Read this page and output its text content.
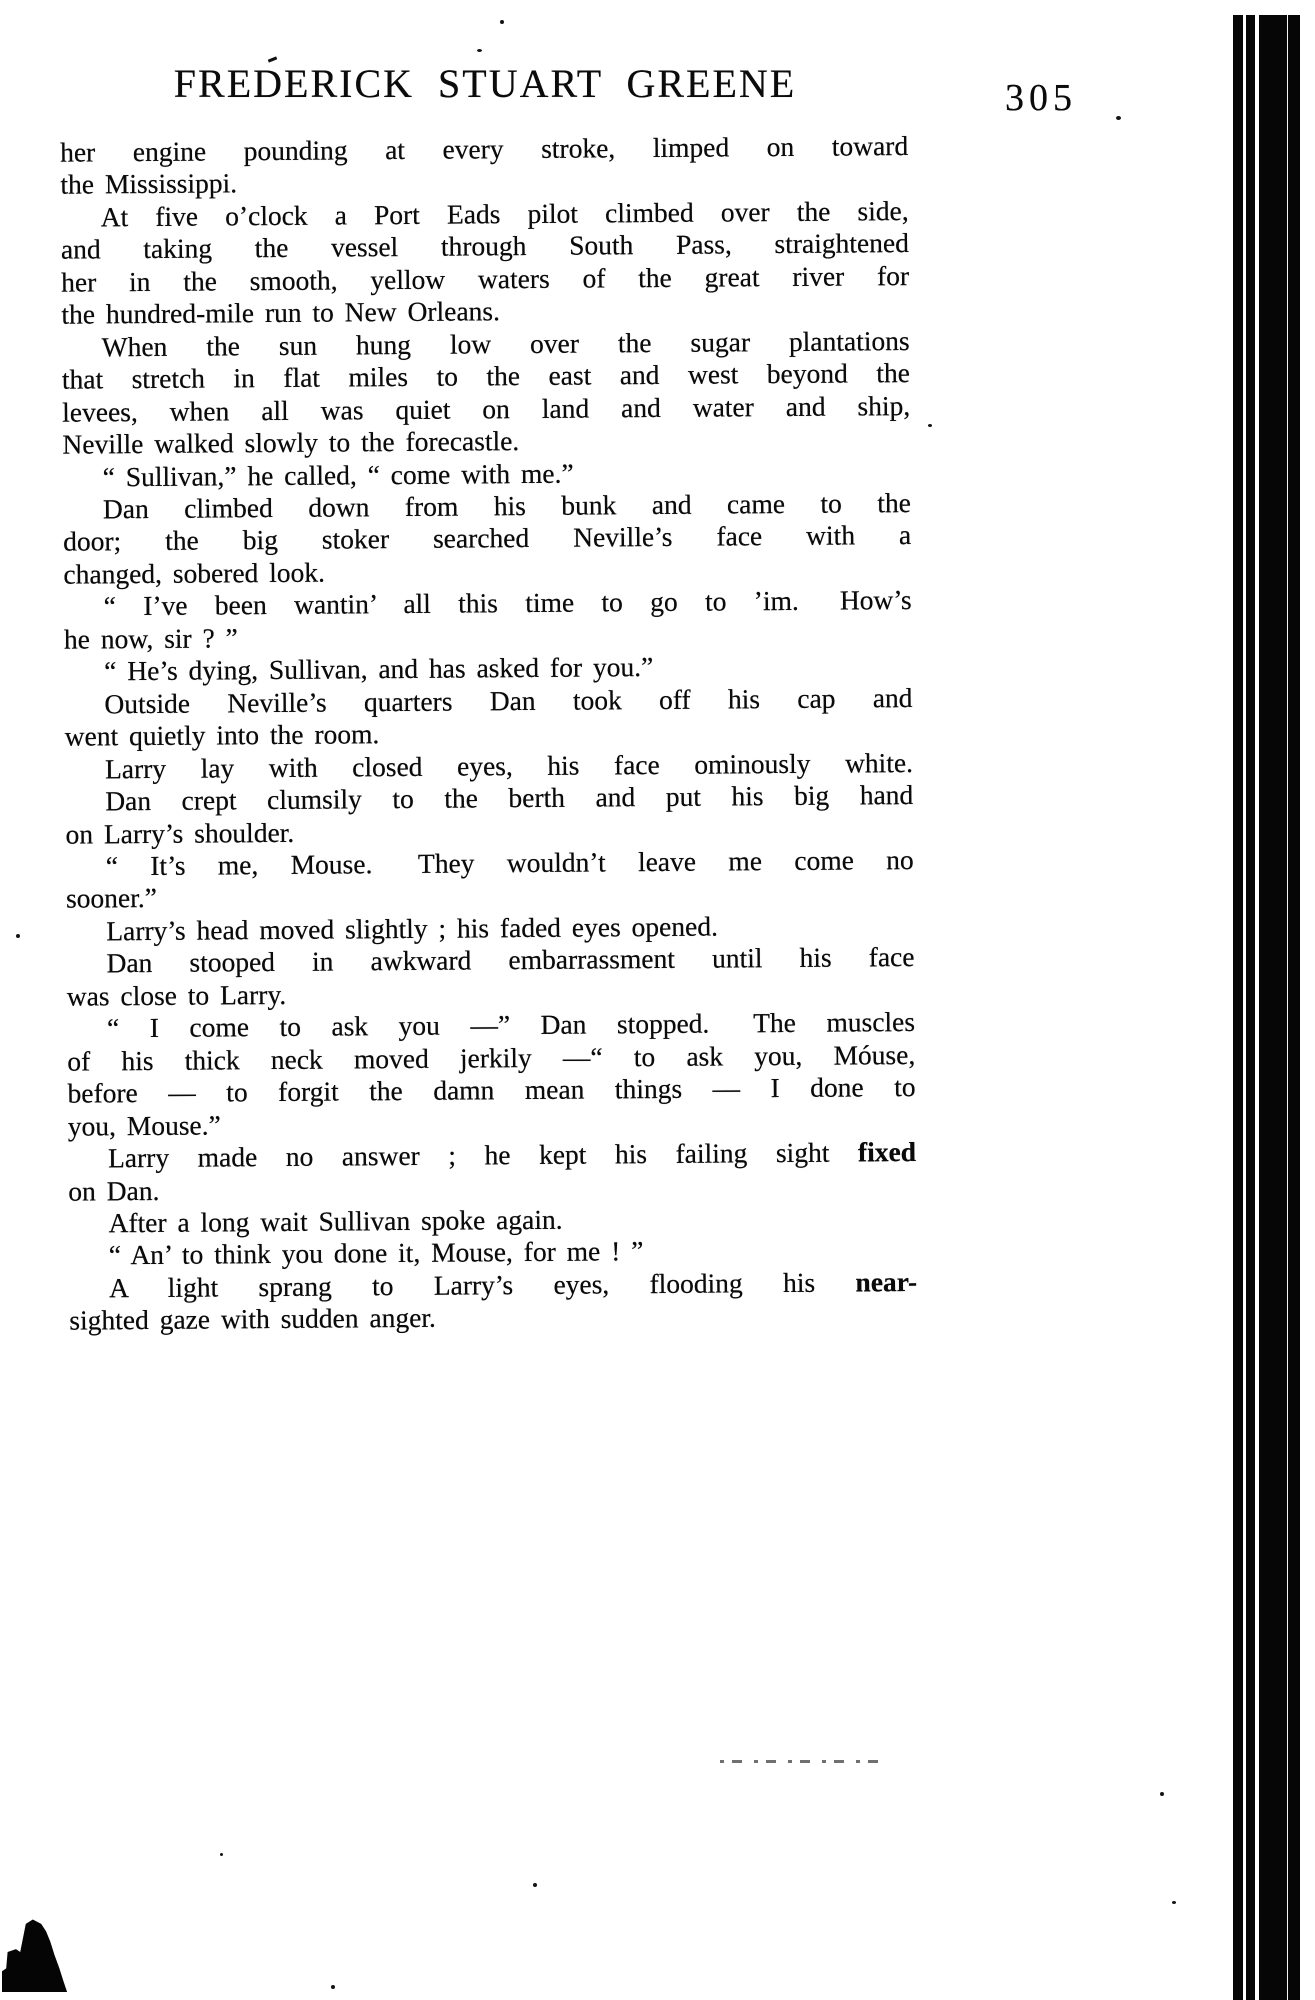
FREDERICK STUART GREENE	305
her engine pounding at every stroke, limped on toward
the Mississippi.
At five o’clock a Port Eads pilot climbed over the side,
and taking the vessel through South Pass, straightened
her in the smooth, yellow waters of the great river for
the hundred-mile run to New Orleans.
When the sun hung low over the sugar plantations
that stretch in flat miles to the east and west beyond the
levees, when all was quiet on land and water and ship,
Neville walked slowly to the forecastle.
“ Sullivan,” he called, “ come with me.”
Dan climbed down from his bunk and came to the
door; the big stoker searched Neville’s face with a
changed, sobered look.
“ I’ve been wantin’ all this time to go to ’im.  How’s
he now, sir ? ”
“ He’s dying, Sullivan, and has asked for you.”
Outside Neville’s quarters Dan took off his cap and
went quietly into the room.
Larry lay with closed eyes, his face ominously white.
Dan crept clumsily to the berth and put his big hand
on Larry’s shoulder.
“ It’s me, Mouse.  They wouldn’t leave me come no
sooner.”
Larry’s head moved slightly ; his faded eyes opened.
Dan stooped in awkward embarrassment until his face
was close to Larry.
“ I come to ask you —” Dan stopped.  The muscles
of his thick neck moved jerkily —“ to ask you, Móuse,
before — to forgit the damn mean things — I done to
you, Mouse.”
Larry made no answer ; he kept his failing sight fixed
on Dan.
After a long wait Sullivan spoke again.
“ An’ to think you done it, Mouse, for me ! ”
A light sprang to Larry’s eyes, flooding his near-
sighted gaze with sudden anger.
